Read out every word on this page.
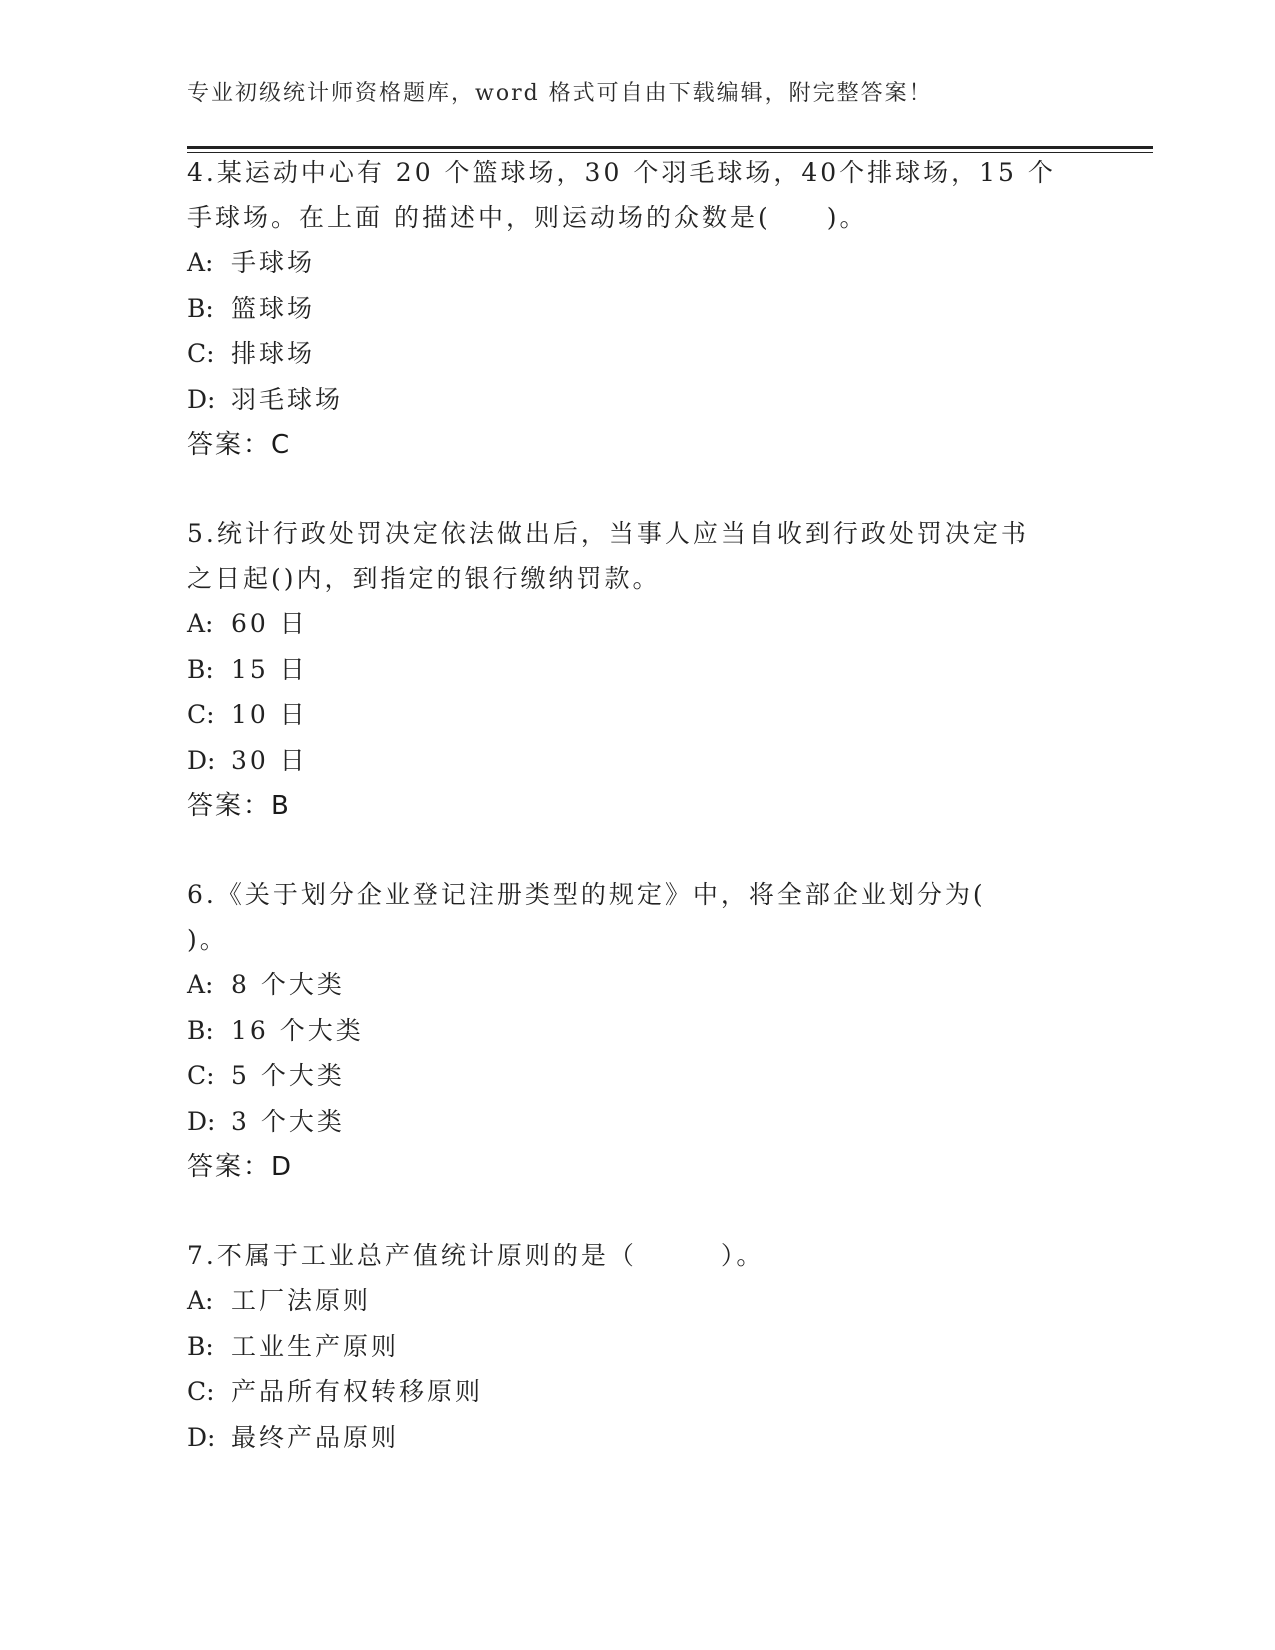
专业初级统计师资格题库，word 格式可自由下载编辑，附完整答案！

4.某运动中心有 20 个篮球场，30 个羽毛球场，40个排球场，15 个

手球场。在上面 的描述中，则运动场的众数是(　　)。

A: 手球场

B: 篮球场

C: 排球场

D: 羽毛球场

答案：C

5.统计行政处罚决定依法做出后，当事人应当自收到行政处罚决定书

之日起()内，到指定的银行缴纳罚款。

A: 60 日

B: 15 日

C: 10 日

D: 30 日

答案：B

6.《关于划分企业登记注册类型的规定》中，将全部企业划分为(

)。

A: 8 个大类

B: 16 个大类

C: 5 个大类

D: 3 个大类

答案：D

7.不属于工业总产值统计原则的是（　　　）。

A: 工厂法原则

B: 工业生产原则

C: 产品所有权转移原则

D: 最终产品原则
